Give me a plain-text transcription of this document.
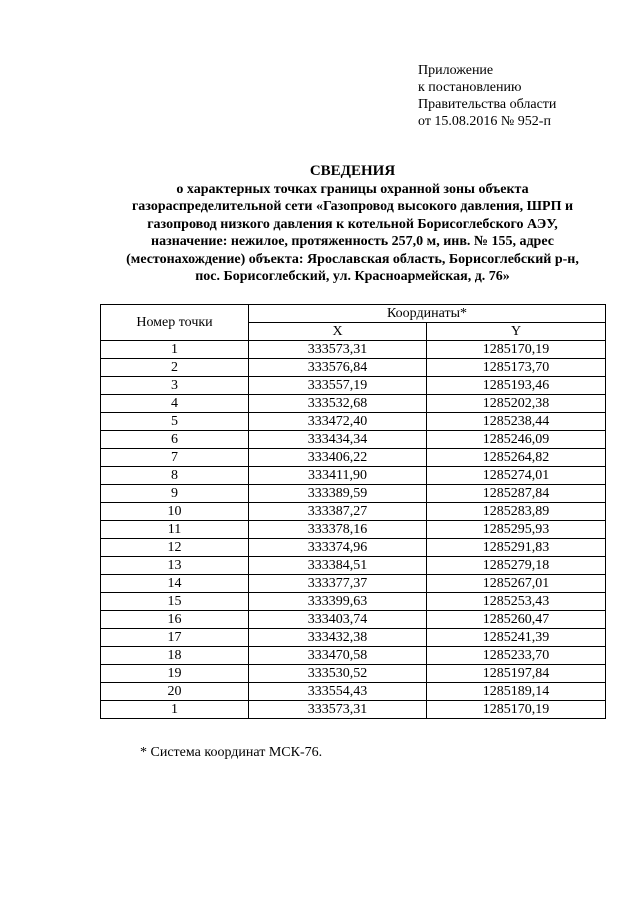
Приложение
к постановлению
Правительства области
от 15.08.2016 № 952-п
СВЕДЕНИЯ
о характерных точках границы охранной зоны объекта
газораспределительной сети «Газопровод высокого давления, ШРП и
газопровод низкого давления к котельной Борисоглебского АЭУ,
назначение: нежилое, протяженность 257,0 м, инв. № 155, адрес
(местонахождение) объекта: Ярославская область, Борисоглебский р-н,
пос. Борисоглебский, ул. Красноармейская, д. 76»
Номер точки	Координаты*	
	X	Y
1	333573,31	1285170,19
2	333576,84	1285173,70
3	333557,19	1285193,46
4	333532,68	1285202,38
5	333472,40	1285238,44
6	333434,34	1285246,09
7	333406,22	1285264,82
8	333411,90	1285274,01
9	333389,59	1285287,84
10	333387,27	1285283,89
11	333378,16	1285295,93
12	333374,96	1285291,83
13	333384,51	1285279,18
14	333377,37	1285267,01
15	333399,63	1285253,43
16	333403,74	1285260,47
17	333432,38	1285241,39
18	333470,58	1285233,70
19	333530,52	1285197,84
20	333554,43	1285189,14
1	333573,31	1285170,19
* Система координат МСК-76.
